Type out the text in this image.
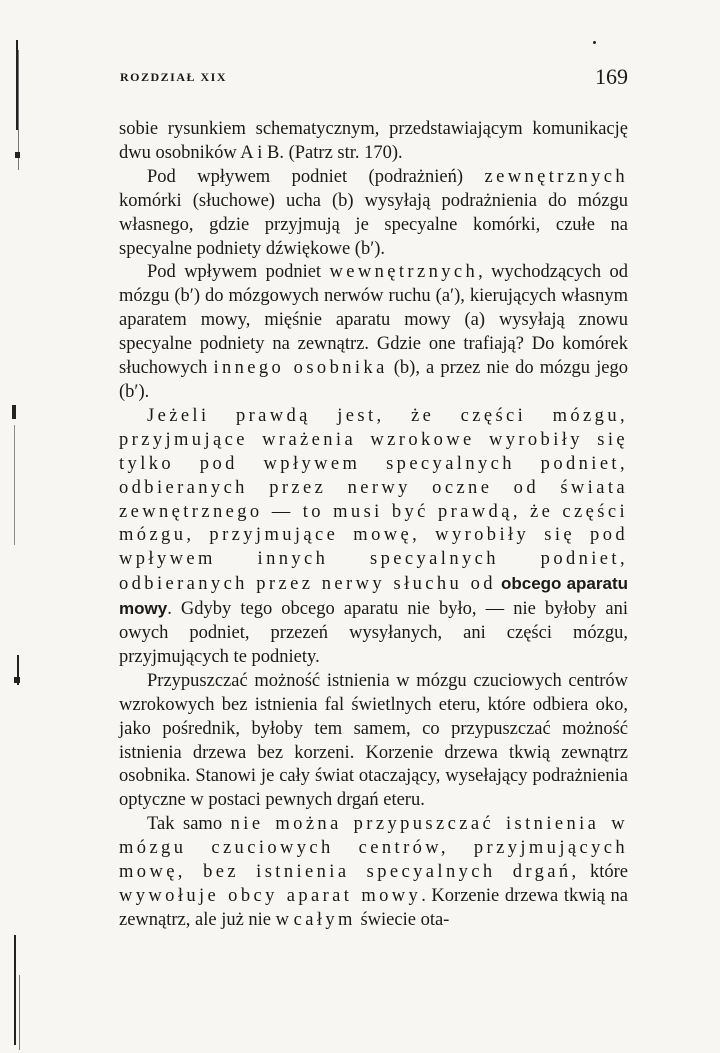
ROZDZIAŁ XIX	169

sobie rysunkiem schematycznym, przedstawiającym komunikację dwu osobników A i B. (Patrz str. 170).

Pod wpływem podniet (podrażnień) zewnętrznych komórki (słuchowe) ucha (b) wysyłają podrażnienia do mózgu własnego, gdzie przyjmują je specyalne komórki, czułe na specyalne podniety dźwiękowe (b′).

Pod wpływem podniet wewnętrznych, wychodzących od mózgu (b′) do mózgowych nerwów ruchu (a′), kierujących własnym aparatem mowy, mięśnie aparatu mowy (a) wysyłają znowu specyalne podniety na zewnątrz. Gdzie one trafiają? Do komórek słuchowych innego osobnika (b), a przez nie do mózgu jego (b′).

Jeżeli prawdą jest, że części mózgu, przyjmujące wrażenia wzrokowe wyrobiły się tylko pod wpływem specyalnych podniet, odbieranych przez nerwy oczne od świata zewnętrznego — to musi być prawdą, że części mózgu, przyjmujące mowę, wyrobiły się pod wpływem innych specyalnych podniet, odbieranych przez nerwy słuchu od obcego aparatu mowy. Gdyby tego obcego aparatu nie było, — nie byłoby ani owych podniet, przezeń wysyłanych, ani części mózgu, przyjmujących te podniety.

Przypuszczać możność istnienia w mózgu czuciowych centrów wzrokowych bez istnienia fal świetlnych eteru, które odbiera oko, jako pośrednik, byłoby tem samem, co przypuszczać możność istnienia drzewa bez korzeni. Korzenie drzewa tkwią zewnątrz osobnika. Stanowi je cały świat otaczający, wysełający podrażnienia optyczne w postaci pewnych drgań eteru.

Tak samo nie można przypuszczać istnienia w mózgu czuciowych centrów, przyjmujących mowę, bez istnienia specyalnych drgań, które wywołuje obcy aparat mowy. Korzenie drzewa tkwią na zewnątrz, ale już nie w całym świecie ota-
